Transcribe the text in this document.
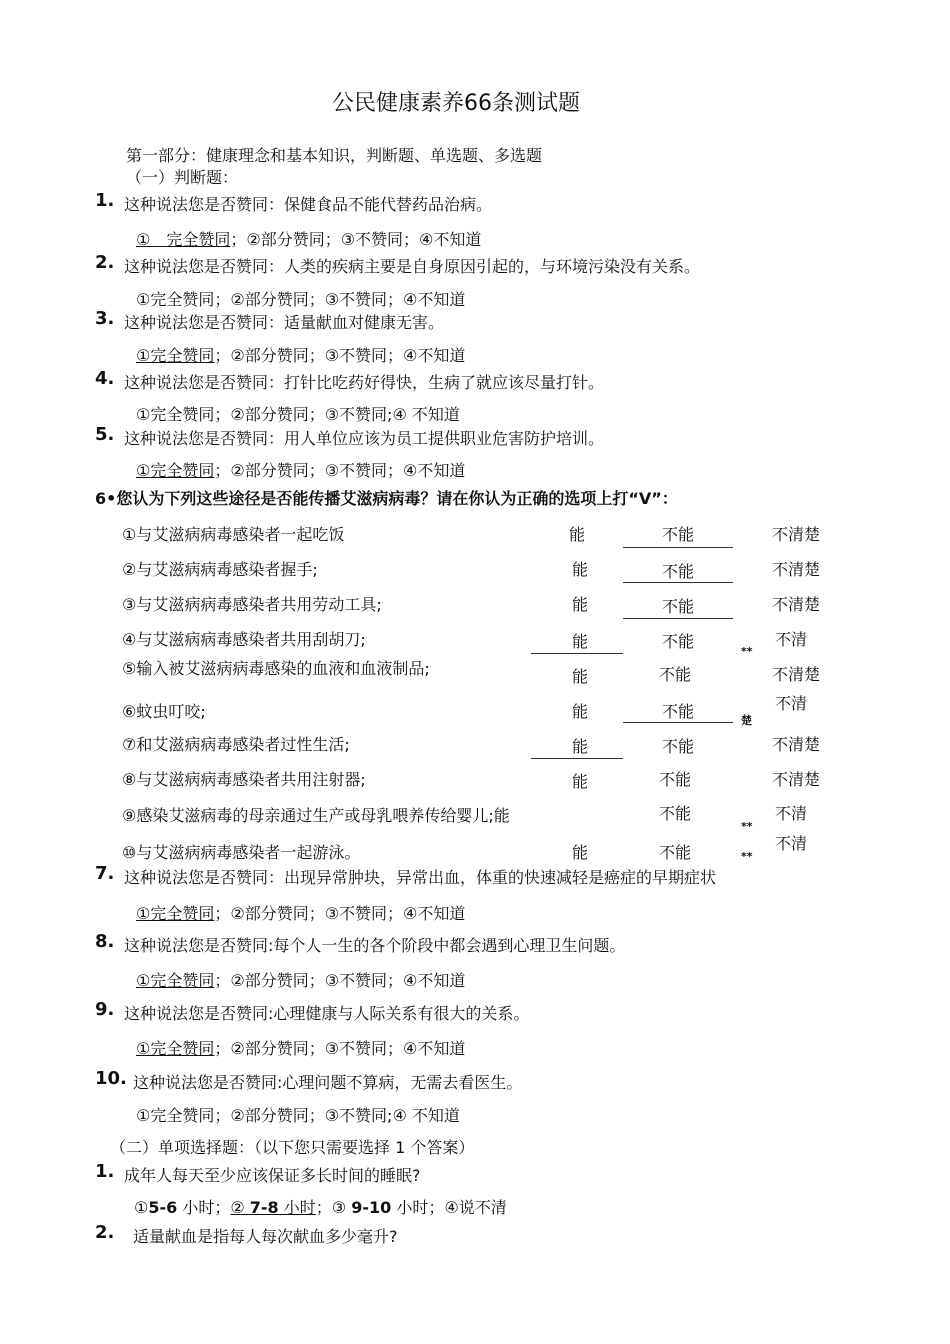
公民健康素养66条测试题
第一部分：健康理念和基本知识，判断题、单选题、多选题
（一）判断题：
1. 这种说法您是否赞同：保健食品不能代替药品治病。
①　完全赞同；②部分赞同；③不赞同；④不知道
2. 这种说法您是否赞同：人类的疾病主要是自身原因引起的，与环境污染没有关系。
①完全赞同；②部分赞同；③不赞同；④不知道
3. 这种说法您是否赞同：适量献血对健康无害。
①完全赞同；②部分赞同；③不赞同；④不知道
4. 这种说法您是否赞同：打针比吃药好得快，生病了就应该尽量打针。
①完全赞同；②部分赞同；③不赞同;④ 不知道
5. 这种说法您是否赞同：用人单位应该为员工提供职业危害防护培训。
①完全赞同；②部分赞同；③不赞同；④不知道
6•您认为下列这些途径是否能传播艾滋病病毒？请在你认为正确的选项上打“V”：
①与艾滋病病毒感染者一起吃饭	能	不能	不清楚
②与艾滋病病毒感染者握手;	能	不能	不清楚
③与艾滋病病毒感染者共用劳动工具;	能	不能	不清楚
④与艾滋病病毒感染者共用刮胡刀;	能	不能	不清
**
⑤输入被艾滋病病毒感染的血液和血液制品;	能	不能	不清楚
⑥蚊虫叮咬;	能	不能	不清
楚
⑦和艾滋病病毒感染者过性生活;	能	不能	不清楚
⑧与艾滋病病毒感染者共用注射器;	能	不能	不清楚
⑨感染艾滋病毒的母亲通过生产或母乳喂养传给婴儿;能	不能	不清
**
⑩与艾滋病病毒感染者一起游泳。	能	不能	不清
**
7. 这种说法您是否赞同：出现异常肿块，异常出血，体重的快速减轻是癌症的早期症状
①完全赞同；②部分赞同；③不赞同；④不知道
8. 这种说法您是否赞同:每个人一生的各个阶段中都会遇到心理卫生问题。
①完全赞同；②部分赞同；③不赞同；④不知道
9. 这种说法您是否赞同:心理健康与人际关系有很大的关系。
①完全赞同；②部分赞同；③不赞同；④不知道
10. 这种说法您是否赞同:心理问题不算病，无需去看医生。
①完全赞同；②部分赞同；③不赞同;④ 不知道
（二）单项选择题：（以下您只需要选择 1 个答案）
1. 成年人每天至少应该保证多长时间的睡眠?
①5-6 小时；② 7-8 小时；③ 9-10 小时；④说不清
2. 适量献血是指每人每次献血多少毫升?
